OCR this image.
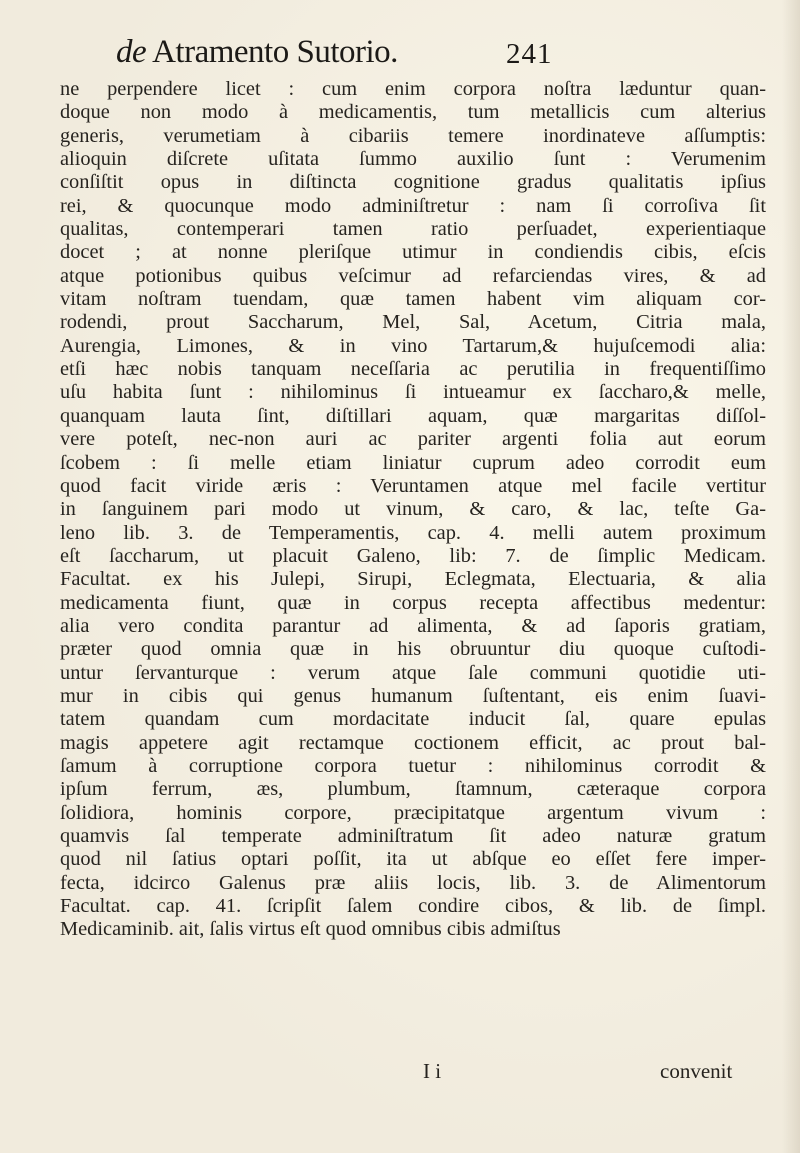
de Atramento Sutorio.	241
ne perpendere licet : cum enim corpora noſtra læduntur quan-
doque non modo à medicamentis, tum metallicis cum alterius
generis, verumetiam à cibariis temere inordinateve aſſumptis:
alioquin diſcrete uſitata ſummo auxilio ſunt : Verumenim
conſiſtit opus in diſtincta cognitione gradus qualitatis ipſius
rei, & quocunque modo adminiſtretur : nam ſi corroſiva ſit
qualitas, contemperari tamen ratio perſuadet, experientiaque
docet ; at nonne pleriſque utimur in condiendis cibis, eſcis
atque potionibus quibus veſcimur ad refarciendas vires, & ad
vitam noſtram tuendam, quæ tamen habent vim aliquam cor-
rodendi, prout Saccharum, Mel, Sal, Acetum, Citria mala,
Aurengia, Limones, & in vino Tartarum,& hujuſcemodi alia:
etſi hæc nobis tanquam neceſſaria ac perutilia in frequentiſſimo
uſu habita ſunt : nihilominus ſi intueamur ex ſaccharo,& melle,
quanquam lauta ſint, diſtillari aquam, quæ margaritas diſſol-
vere poteſt, nec-non auri ac pariter argenti folia aut eorum
ſcobem : ſi melle etiam liniatur cuprum adeo corrodit eum
quod facit viride æris : Veruntamen atque mel facile vertitur
in ſanguinem pari modo ut vinum, & caro, & lac, teſte Ga-
leno lib. 3. de Temperamentis, cap. 4. melli autem proximum
eſt ſaccharum, ut placuit Galeno, lib: 7. de ſimplic Medicam.
Facultat. ex his Julepi, Sirupi, Eclegmata, Electuaria, & alia
medicamenta fiunt, quæ in corpus recepta affectibus medentur:
alia vero condita parantur ad alimenta, & ad ſaporis gratiam,
præter quod omnia quæ in his obruuntur diu quoque cuſtodi-
untur ſervanturque : verum atque ſale communi quotidie uti-
mur in cibis qui genus humanum ſuſtentant, eis enim ſuavi-
tatem quandam cum mordacitate inducit ſal, quare epulas
magis appetere agit rectamque coctionem efficit, ac prout bal-
ſamum à corruptione corpora tuetur : nihilominus corrodit &
ipſum ferrum, æs, plumbum, ſtamnum, cæteraque corpora
ſolidiora, hominis corpore, præcipitatque argentum vivum :
quamvis ſal temperate adminiſtratum ſit adeo naturæ gratum
quod nil ſatius optari poſſit, ita ut abſque eo eſſet fere imper-
fecta, idcirco Galenus præ aliis locis, lib. 3. de Alimentorum
Facultat. cap. 41. ſcripſit ſalem condire cibos, & lib. de ſimpl.
Medicaminib. ait, ſalis virtus eſt quod omnibus cibis admiſtus
I i	convenit
